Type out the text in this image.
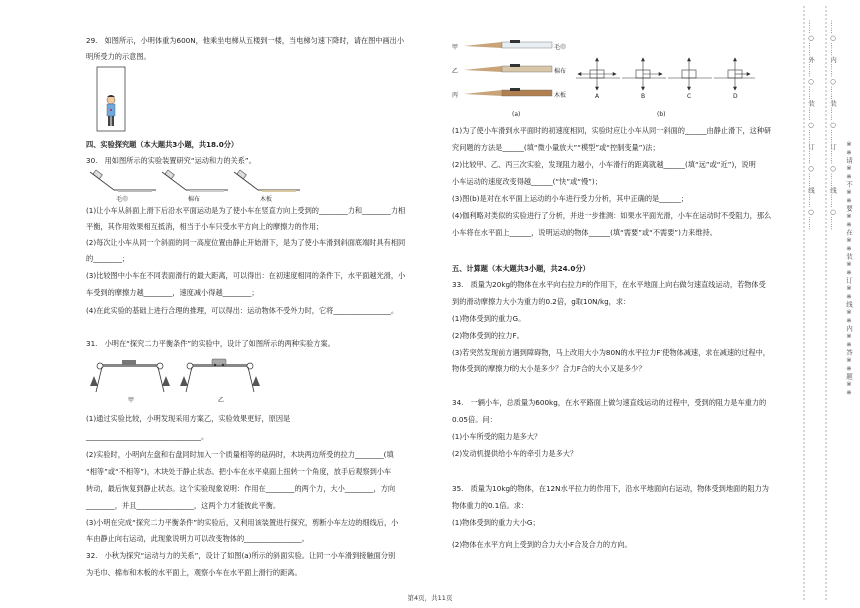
29.　如图所示，小明体重为600N，他乘坐电梯从五楼到一楼，当电梯匀速下降时，请在图中画出小
明所受力的示意图。
四、实验探究题（本大题共3小题，共18.0分）
30.　用如图所示的实验装置研究“运动和力的关系”。
毛巾	棉布	木板
(1)让小车从斜面上滑下后沿水平面运动是为了使小车在竖直方向上受到的________力和________力相
平衡，其作用效果相互抵消，相当于小车只受水平方向上的摩擦力的作用；
(2)每次让小车从同一个斜面的同一高度位置由静止开始滑下，是为了使小车滑到斜面底端时具有相同
的________；
(3)比较图中小车在不同表面滑行的最大距离，可以得出：在初速度相同的条件下，水平面越光滑，小
车受到的摩擦力越________，速度减小得越________；
(4)在此实验的基础上进行合理的推理，可以得出：运动物体不受外力时，它将________________。
31.　小明在“探究二力平衡条件”的实验中，设计了如图所示的两种实验方案。
甲	乙
(1)通过实验比较，小明发现采用方案乙，实验效果更好，原因是
________________________________。
(2)实验时，小明向左盘和右盘同时加入一个质量相等的砝码时，木块两边所受的拉力________(填
“相等”或“不相等”)，木块处于静止状态。把小车在水平桌面上扭转一个角度，放手后观察到小车
转动，最后恢复到静止状态。这个实验现象说明：作用在________的两个力，大小________，方向
________，并且________________，这两个力才能彼此平衡。
(3)小明在完成“探究二力平衡条件”的实验后，又利用该装置进行探究，剪断小车左边的细线后，小
车由静止向右运动，此现象说明力可以改变物体的________________。
32.　小秋为探究“运动与力的关系”，设计了如图(a)所示的斜面实验。让同一小车滑到接触面分别
为毛巾、棉布和木板的水平面上，观察小车在水平面上滑行的距离。
甲
乙
丙
毛巾
棉布
木板
(a)
A	B	C	D
(b)
(1)为了使小车滑到水平面时的初速度相同，实验时应让小车从同一斜面的______由静止滑下，这种研
究问题的方法是______(填“微小量放大”“模型”或“控制变量”)法；
(2)比较甲、乙、丙三次实验，发现阻力越小，小车滑行的距离就越______(填“远”或“近”)，说明
小车运动的速度改变得越______(“快”或“慢”)；
(3)图(b)是对在水平面上运动的小车进行受力分析，其中正确的是______；
(4)伽利略对类似的实验进行了分析，并进一步推测：如果水平面光滑，小车在运动时不受阻力，那么
小车将在水平面上______，说明运动的物体______(填“需要”或“不需要”)力来维持。
五、计算题（本大题共3小题，共24.0分）
33.　质量为20kg的物体在水平向右拉力F的作用下，在水平地面上向右做匀速直线运动，若物体受
到的滑动摩擦力大小为重力的0.2倍，g取10N/kg，求：
(1)物体受到的重力G。
(2)物体受到的拉力F。
(3)若突然发现前方遇到障碍物，马上改用大小为80N的水平拉力F′使物体减速，求在减速的过程中，
物体受到的摩擦力f的大小是多少？合力F合的大小又是多少？
34.　一辆小车，总质量为600kg，在水平路面上做匀速直线运动的过程中，受到的阻力是车重力的
0.05倍。问：
(1)小车所受的阻力是多大？
(2)发动机提供给小车的牵引力是多大？
35.　质量为10kg的物体，在12N水平拉力的作用下，沿水平地面向右运动，物体受到地面的阻力为
物体重力的0.1倍。求：
(1)物体受到的重力大小G；
(2)物体在水平方向上受到的合力大小F合及合力的方向。
第4页，共11页
……○……外……○……装……○……订……○……线……○…… ……○……内……○……装……○……订……○……线……○……
※※请※※不※※要※※在※※装※※订※※线※※内※※答※※题※※
